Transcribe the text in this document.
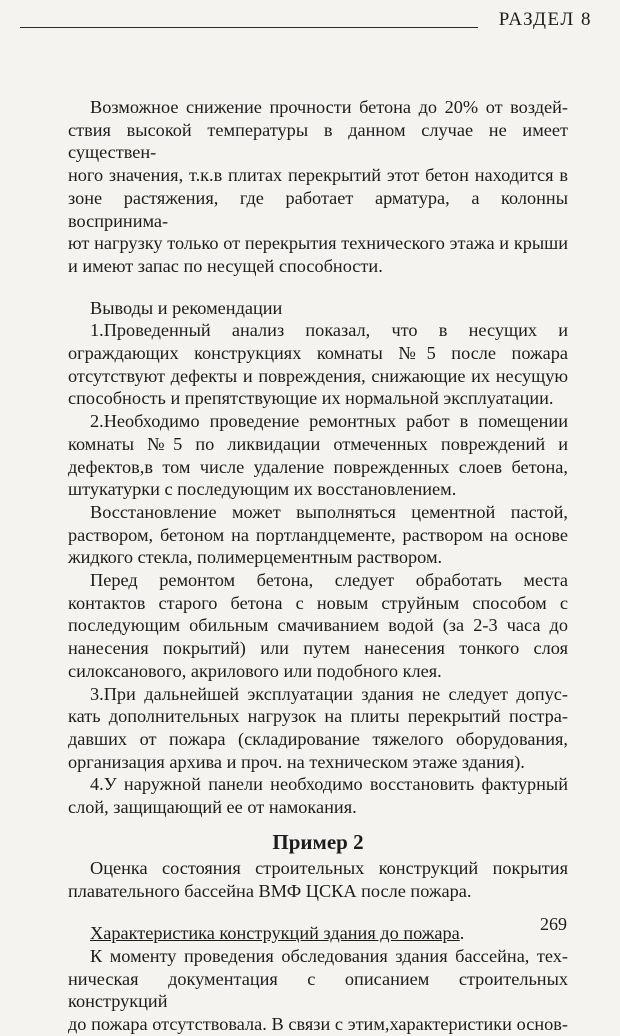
РАЗДЕЛ 8
Возможное снижение прочности бетона до 20% от воздей-
ствия высокой температуры в данном случае не имеет существен-
ного значения, т.к.в плитах перекрытий этот бетон находится в
зоне растяжения, где работает арматура, а колонны воспринима-
ют нагрузку только от перекрытия технического этажа и крыши
и имеют запас по несущей способности.
Выводы и рекомендации
1.Проведенный анализ показал, что в несущих и
ограждающих конструкциях комнаты №5 после пожара
отсутствуют дефекты и повреждения, снижающие их несущую
способность и препятствующие их нормальной эксплуатации.
2.Необходимо проведение ремонтных работ в помещении
комнаты №5 по ликвидации отмеченных повреждений и
дефектов,в том числе удаление поврежденных слоев бетона,
штукатурки с последующим их восстановлением.
Восстановление может выполняться цементной пастой,
раствором, бетоном на портландцементе, раствором на основе
жидкого стекла, полимерцементным раствором.
Перед ремонтом бетона, следует обработать места
контактов старого бетона с новым струйным способом с
последующим обильным смачиванием водой (за 2-3 часа до
нанесения покрытий) или путем нанесения тонкого слоя
силоксанового, акрилового или подобного клея.
3.При дальнейшей эксплуатации здания не следует допус-
кать дополнительных нагрузок на плиты перекрытий постра-
давших от пожара (складирование тяжелого оборудования,
организация архива и проч. на техническом этаже здания).
4.У наружной панели необходимо восстановить фактурный
слой, защищающий ее от намокания.
Пример 2
Оценка состояния строительных конструкций покрытия
плавательного бассейна ВМФ ЦСКА после пожара.
Характеристика конструкций здания до пожара.
К моменту проведения обследования здания бассейна, тех-
ническая документация с описанием строительных конструкций
до пожара отсутствовала. В связи с этим,характеристики основ-
269
